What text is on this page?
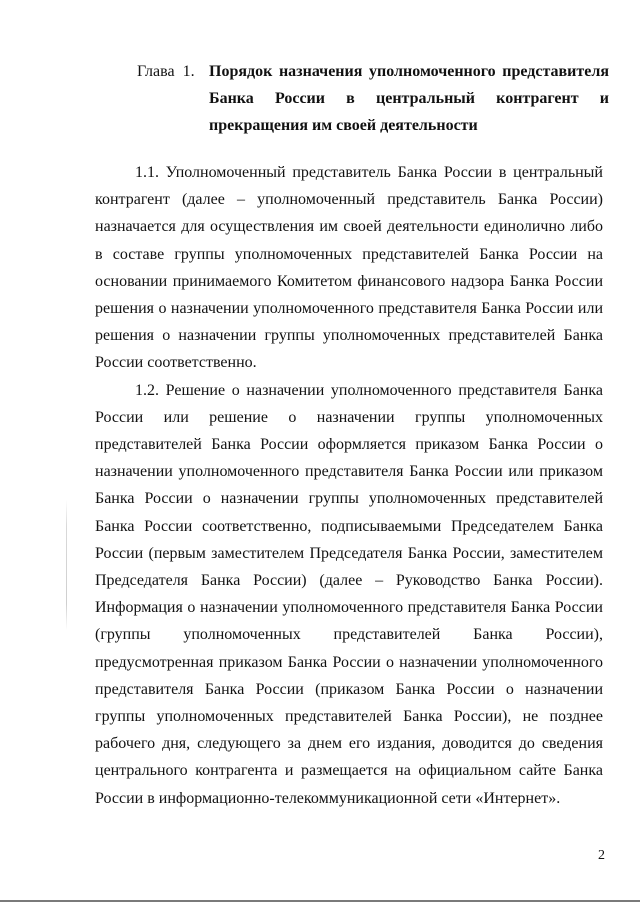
Глава 1. Порядок назначения уполномоченного представителя
Банка России в центральный контрагент и прекращения им своей деятельности

1.1. Уполномоченный представитель Банка России в центральный контрагент (далее – уполномоченный представитель Банка России) назначается для осуществления им своей деятельности единолично либо в составе группы уполномоченных представителей Банка России на основании принимаемого Комитетом финансового надзора Банка России решения о назначении уполномоченного представителя Банка России или решения о назначении группы уполномоченных представителей Банка России соответственно.

1.2. Решение о назначении уполномоченного представителя Банка России или решение о назначении группы уполномоченных представителей Банка России оформляется приказом Банка России о назначении уполномоченного представителя Банка России или приказом Банка России о назначении группы уполномоченных представителей Банка России соответственно, подписываемыми Председателем Банка России (первым заместителем Председателя Банка России, заместителем Председателя Банка России) (далее – Руководство Банка России). Информация о назначении уполномоченного представителя Банка России (группы уполномоченных представителей Банка России), предусмотренная приказом Банка России о назначении уполномоченного представителя Банка России (приказом Банка России о назначении группы уполномоченных представителей Банка России), не позднее рабочего дня, следующего за днем его издания, доводится до сведения центрального контрагента и размещается на официальном сайте Банка России в информационно-телекоммуникационной сети «Интернет».

2
